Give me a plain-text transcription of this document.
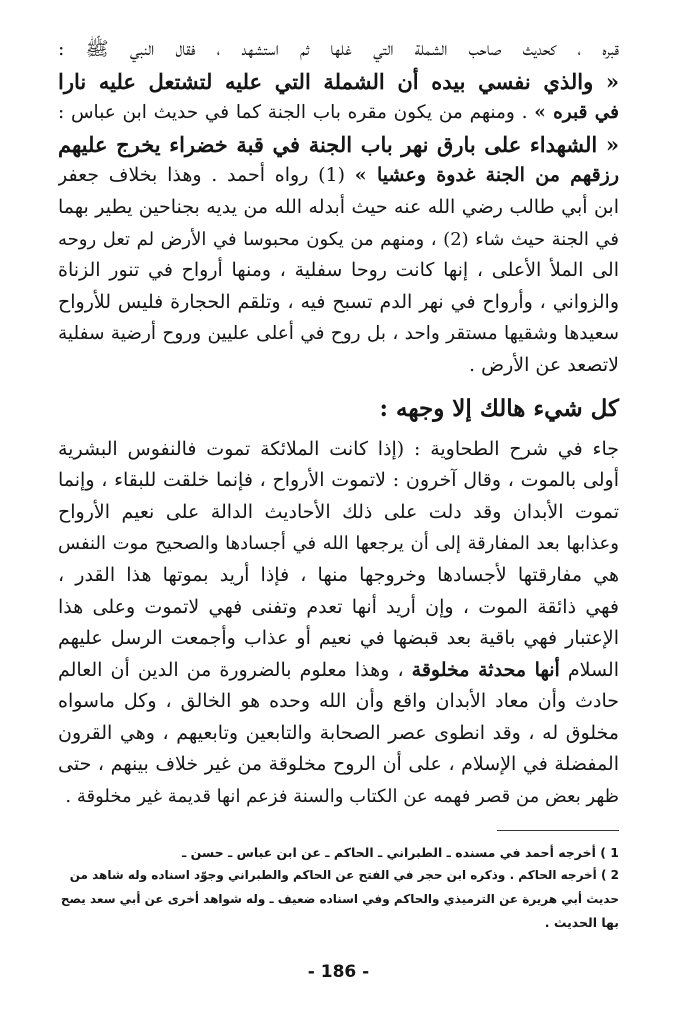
قبره ، كحديث صاحب الشملة التي غلها ثم استشهد ، فقال النبي ﷺ :
« والذي نفسي بيده أن الشملة التي عليه لتشتعل عليه نارا
في قبره » . ومنهم من يكون مقره باب الجنة كما في حديث ابن عباس :
« الشهداء على بارق نهر باب الجنة في قبة خضراء يخرج عليهم
رزقهم من الجنة غدوة وعشيا » (1) رواه أحمد . وهذا بخلاف جعفر
ابن أبي طالب رضي الله عنه حيث أبدله الله من يديه بجناحين يطير بهما
في الجنة حيث شاء (2) ، ومنهم من يكون محبوسا في الأرض لم تعل روحه
الى الملأ الأعلى ، إنها كانت روحا سفلية ، ومنها أرواح في تنور الزناة
والزواني ، وأرواح في نهر الدم تسبح فيه ، وتلقم الحجارة فليس للأرواح
سعيدها وشقيها مستقر واحد ، بل روح في أعلى عليين وروح أرضية سفلية
لاتصعد عن الأرض .
كل شيء هالك إلا وجهه :
جاء في شرح الطحاوية : (إذا كانت الملائكة تموت فالنفوس البشرية
أولى بالموت ، وقال آخرون : لاتموت الأرواح ، فإنما خلقت للبقاء ، وإنما
تموت الأبدان وقد دلت على ذلك الأحاديث الدالة على نعيم الأرواح
وعذابها بعد المفارقة إلى أن يرجعها الله في أجسادها والصحيح موت النفس
هي مفارقتها لأجسادها وخروجها منها ، فإذا أريد بموتها هذا القدر ،
فهي ذائقة الموت ، وإن أريد أنها تعدم وتفنى فهي لاتموت وعلى هذا
الإعتبار فهي باقية بعد قبضها في نعيم أو عذاب وأجمعت الرسل عليهم
السلام أنها محدثة مخلوقة ، وهذا معلوم بالضرورة من الدين أن العالم
حادث وأن معاد الأبدان واقع وأن الله وحده هو الخالق ، وكل ماسواه
مخلوق له ، وقد انطوى عصر الصحابة والتابعين وتابعيهم ، وهي القرون
المفضلة في الإسلام ، على أن الروح مخلوقة من غير خلاف بينهم ، حتى
ظهر بعض من قصر فهمه عن الكتاب والسنة فزعم انها قديمة غير مخلوقة .
1 ) أخرجه أحمد في مسنده ـ الطبراني ـ الحاكم ـ عن ابن عباس ـ حسن ـ
2 ) أخرجه الحاكم . وذكره ابن حجر في الفتح عن الحاكم والطبراني وجوّد اسناده وله شاهد من
حديث أبي هريرة عن الترميذي والحاكم وفي اسناده ضعيف ـ وله شواهد أخرى عن أبي سعد يصح
بها الحديث .
- 186 -
